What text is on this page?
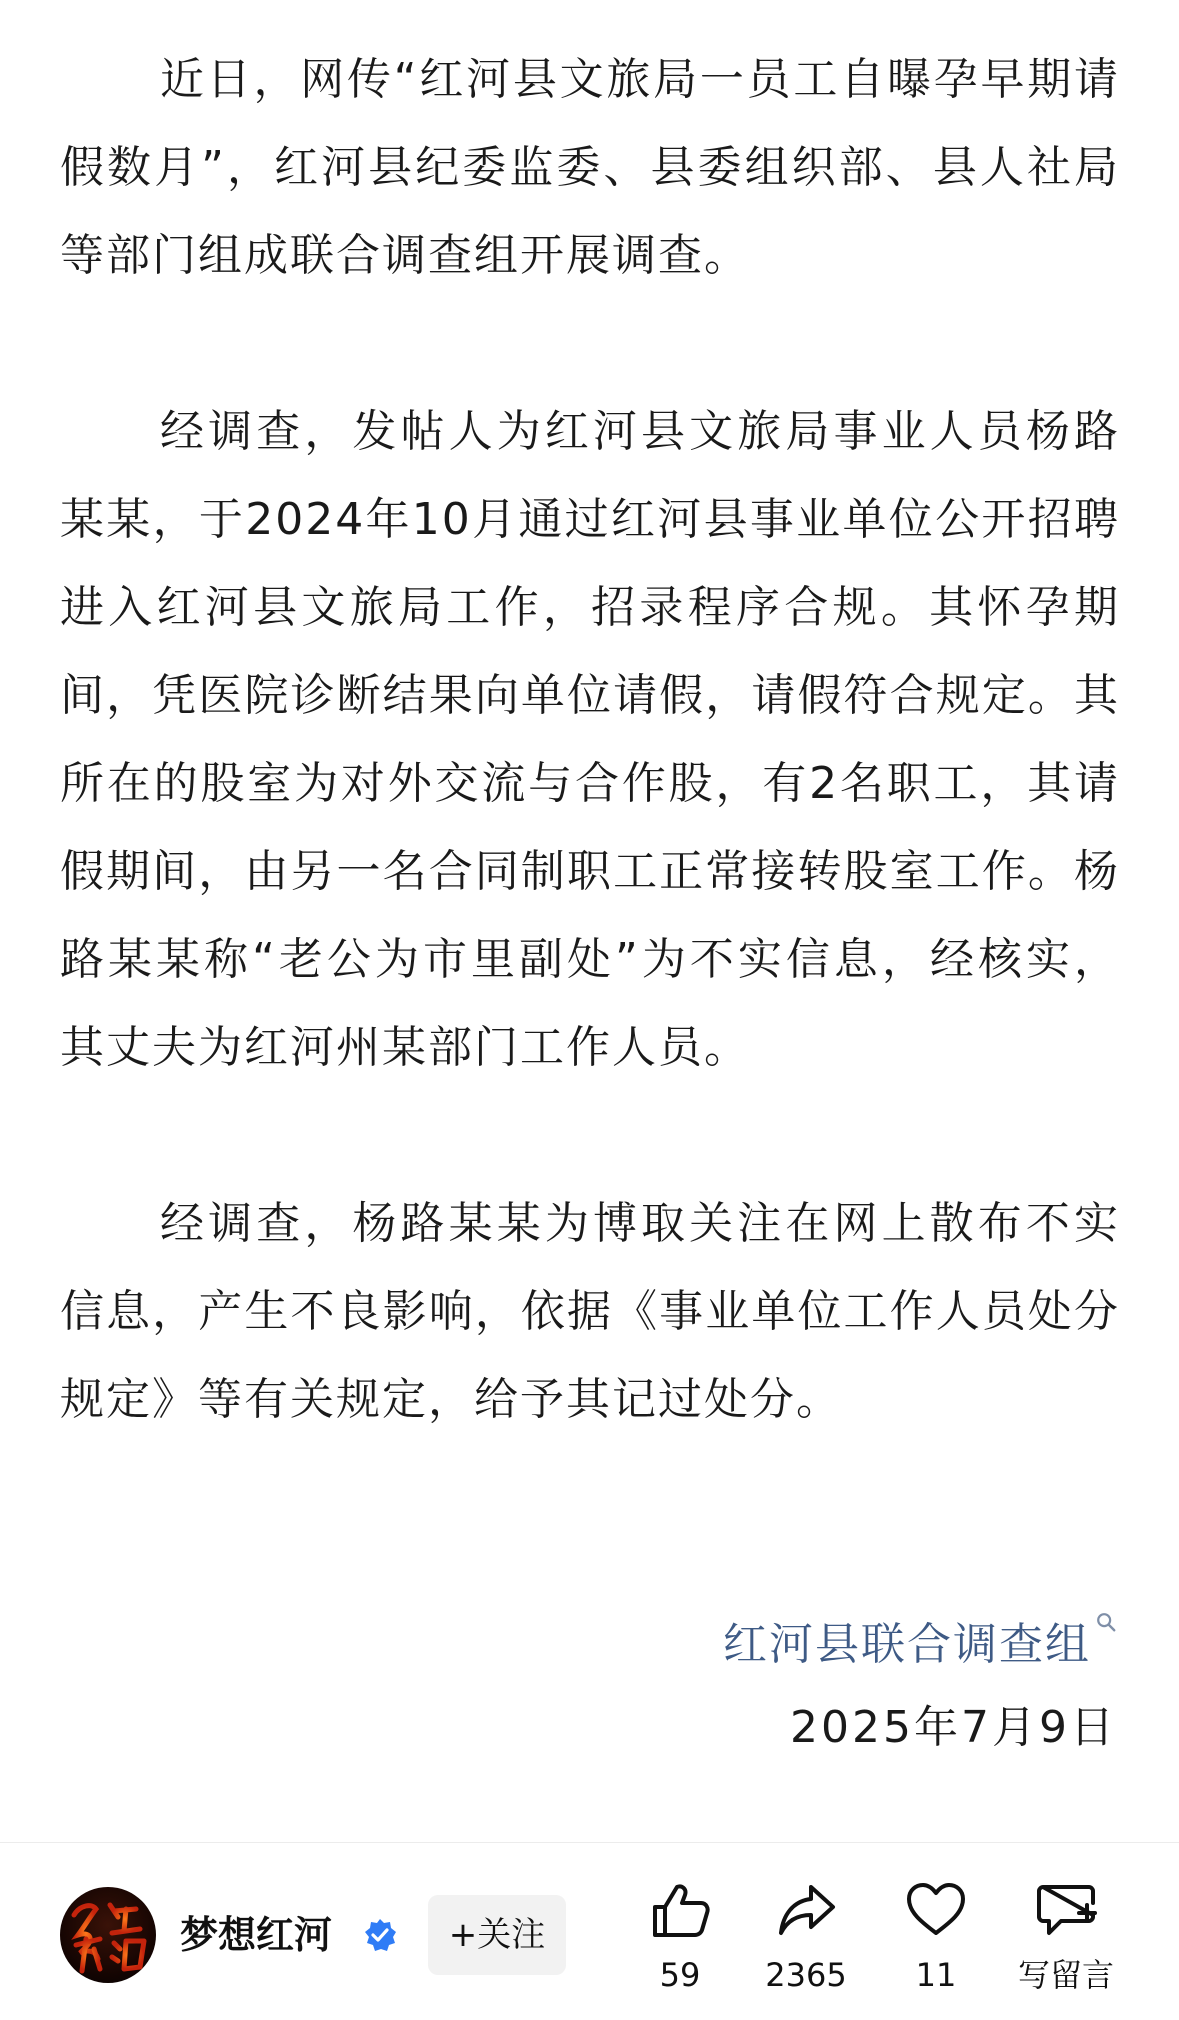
近日，网传“红河县文旅局一员工自曝孕早期请假数月”，红河县纪委监委、县委组织部、县人社局等部门组成联合调查组开展调查。

经调查，发帖人为红河县文旅局事业人员杨路某某，于2024年10月通过红河县事业单位公开招聘进入红河县文旅局工作，招录程序合规。其怀孕期间，凭医院诊断结果向单位请假，请假符合规定。其所在的股室为对外交流与合作股，有2名职工，其请假期间，由另一名合同制职工正常接转股室工作。杨路某某称“老公为市里副处”为不实信息，经核实，其丈夫为红河州某部门工作人员。

经调查，杨路某某为博取关注在网上散布不实信息，产生不良影响，依据《事业单位工作人员处分规定》等有关规定，给予其记过处分。

红河县联合调查组
2025年7月9日
梦想红河	+关注
59 2365 11 写留言
